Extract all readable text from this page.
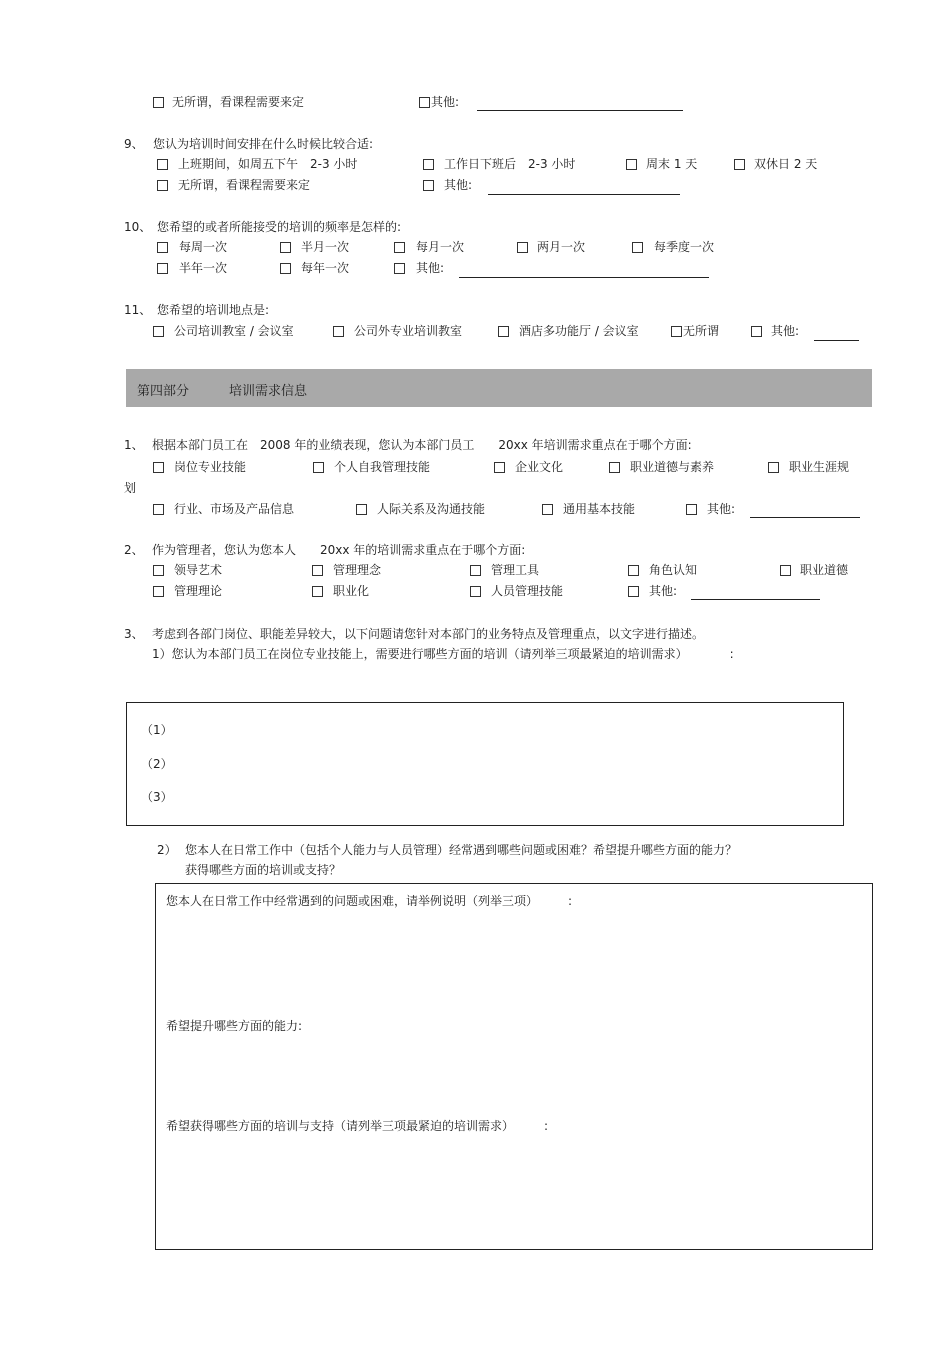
无所谓，看课程需要来定	其他:
9、 您认为培训时间安排在什么时候比较合适:
上班期间，如周五下午　2-3 小时	工作日下班后　2-3 小时	周末 1 天	双休日 2 天
无所谓，看课程需要来定	其他:
10、 您希望的或者所能接受的培训的频率是怎样的:
每周一次	半月一次	每月一次	两月一次	每季度一次
半年一次	每年一次	其他:
11、 您希望的培训地点是:
公司培训教室 / 会议室	公司外专业培训教室	酒店多功能厅 / 会议室	无所谓	其他:
第四部分	培训需求信息
1、 根据本部门员工在　2008 年的业绩表现，您认为本部门员工　　20xx 年培训需求重点在于哪个方面:
岗位专业技能	个人自我管理技能	企业文化	职业道德与素养	职业生涯规
划
行业、市场及产品信息	人际关系及沟通技能	通用基本技能	其他:
2、 作为管理者，您认为您本人　　20xx 年的培训需求重点在于哪个方面:
领导艺术	管理理念	管理工具	角色认知	职业道德
管理理论	职业化	人员管理技能	其他:
3、 考虑到各部门岗位、职能差异较大，以下问题请您针对本部门的业务特点及管理重点，以文字进行描述。
1）您认为本部门员工在岗位专业技能上，需要进行哪些方面的培训（请列举三项最紧迫的培训需求）　　　　:
（1）
（2）
（3）
2） 您本人在日常工作中（包括个人能力与人员管理）经常遇到哪些问题或困难？希望提升哪些方面的能力？
获得哪些方面的培训或支持？
您本人在日常工作中经常遇到的问题或困难，请举例说明（列举三项）　　　:
希望提升哪些方面的能力:
希望获得哪些方面的培训与支持（请列举三项最紧迫的培训需求）　　　:
